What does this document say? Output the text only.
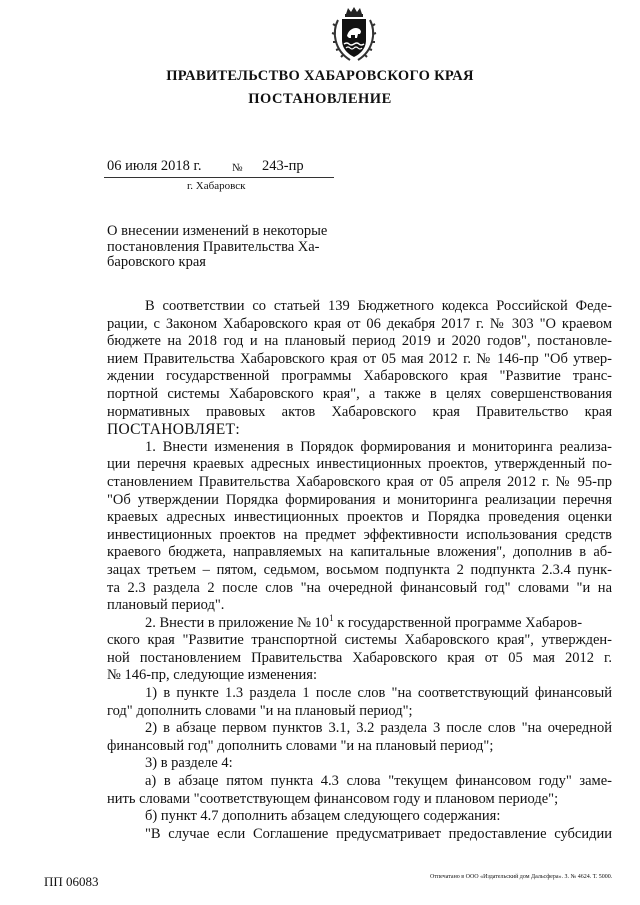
ПРАВИТЕЛЬСТВО ХАБАРОВСКОГО КРАЯ
ПОСТАНОВЛЕНИЕ
06 июля 2018 г.	№ 243-пр
г. Хабаровск
О внесении изменений в некоторые
постановления Правительства Ха-
баровского края
В соответствии со статьей 139 Бюджетного кодекса Российской Феде-
рации, с Законом Хабаровского края от 06 декабря 2017 г. № 303 "О краевом
бюджете на 2018 год и на плановый период 2019 и 2020 годов", постановле-
нием Правительства Хабаровского края от 05 мая 2012 г. № 146-пр "Об утвер-
ждении государственной программы Хабаровского края "Развитие транс-
портной системы Хабаровского края", а также в целях совершенствования
нормативных правовых актов Хабаровского края Правительство края
ПОСТАНОВЛЯЕТ:
1. Внести изменения в Порядок формирования и мониторинга реализа-
ции перечня краевых адресных инвестиционных проектов, утвержденный по-
становлением Правительства Хабаровского края от 05 апреля 2012 г. № 95-пр
"Об утверждении Порядка формирования и мониторинга реализации перечня
краевых адресных инвестиционных проектов и Порядка проведения оценки
инвестиционных проектов на предмет эффективности использования средств
краевого бюджета, направляемых на капитальные вложения", дополнив в аб-
зацах третьем – пятом, седьмом, восьмом подпункта 2 подпункта 2.3.4 пунк-
та 2.3 раздела 2 после слов "на очередной финансовый год" словами "и на
плановый период".
2. Внести в приложение № $10^1$ к государственной программе Хабаров-
ского края "Развитие транспортной системы Хабаровского края", утвержден-
ной постановлением Правительства Хабаровского края от 05 мая 2012 г.
№ 146-пр, следующие изменения:
1) в пункте 1.3 раздела 1 после слов "на соответствующий финансовый
год" дополнить словами "и на плановый период";
2) в абзаце первом пунктов 3.1, 3.2 раздела 3 после слов "на очередной
финансовый год" дополнить словами "и на плановый период";
3) в разделе 4:
а) в абзаце пятом пункта 4.3 слова "текущем финансовом году" заме-
нить словами "соответствующем финансовом году и плановом периоде";
б) пункт 4.7 дополнить абзацем следующего содержания:
"В случае если Соглашение предусматривает предоставление субсидии
ПП 06083	Отпечатано в ООО «Издательский дом Дальсфера». З. № 4624. Т. 5000.
